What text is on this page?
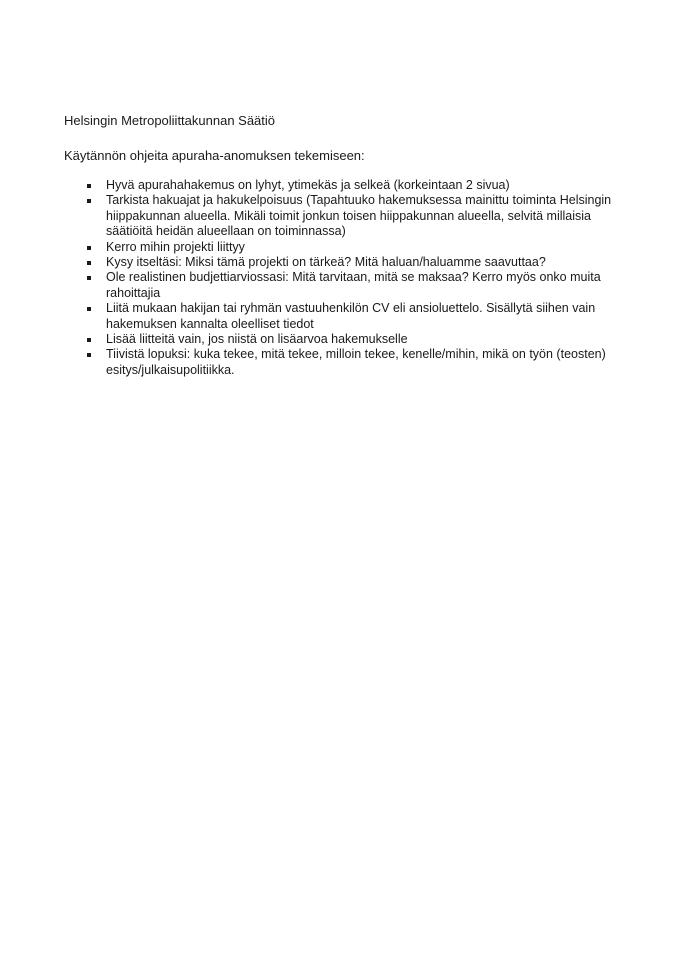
Helsingin Metropoliittakunnan Säätiö
Käytännön ohjeita apuraha-anomuksen tekemiseen:
Hyvä apurahahakemus on lyhyt, ytimekäs ja selkeä (korkeintaan 2 sivua)
Tarkista hakuajat ja hakukelpoisuus (Tapahtuuko hakemuksessa mainittu toiminta Helsingin hiippakunnan alueella. Mikäli toimit jonkun toisen hiippakunnan alueella, selvitä millaisia säätiöitä heidän alueellaan on toiminnassa)
Kerro mihin projekti liittyy
Kysy itseltäsi: Miksi tämä projekti on tärkeä? Mitä haluan/haluamme saavuttaa?
Ole realistinen budjettiarviossasi: Mitä tarvitaan, mitä se maksaa? Kerro myös onko muita rahoittajia
Liitä mukaan hakijan tai ryhmän vastuuhenkilön CV eli ansioluettelo. Sisällytä siihen vain hakemuksen kannalta oleelliset tiedot
Lisää liitteitä vain, jos niistä on lisäarvoa hakemukselle
Tiivistä lopuksi: kuka tekee, mitä tekee, milloin tekee, kenelle/mihin, mikä on työn (teosten) esitys/julkaisupolitiikka.
